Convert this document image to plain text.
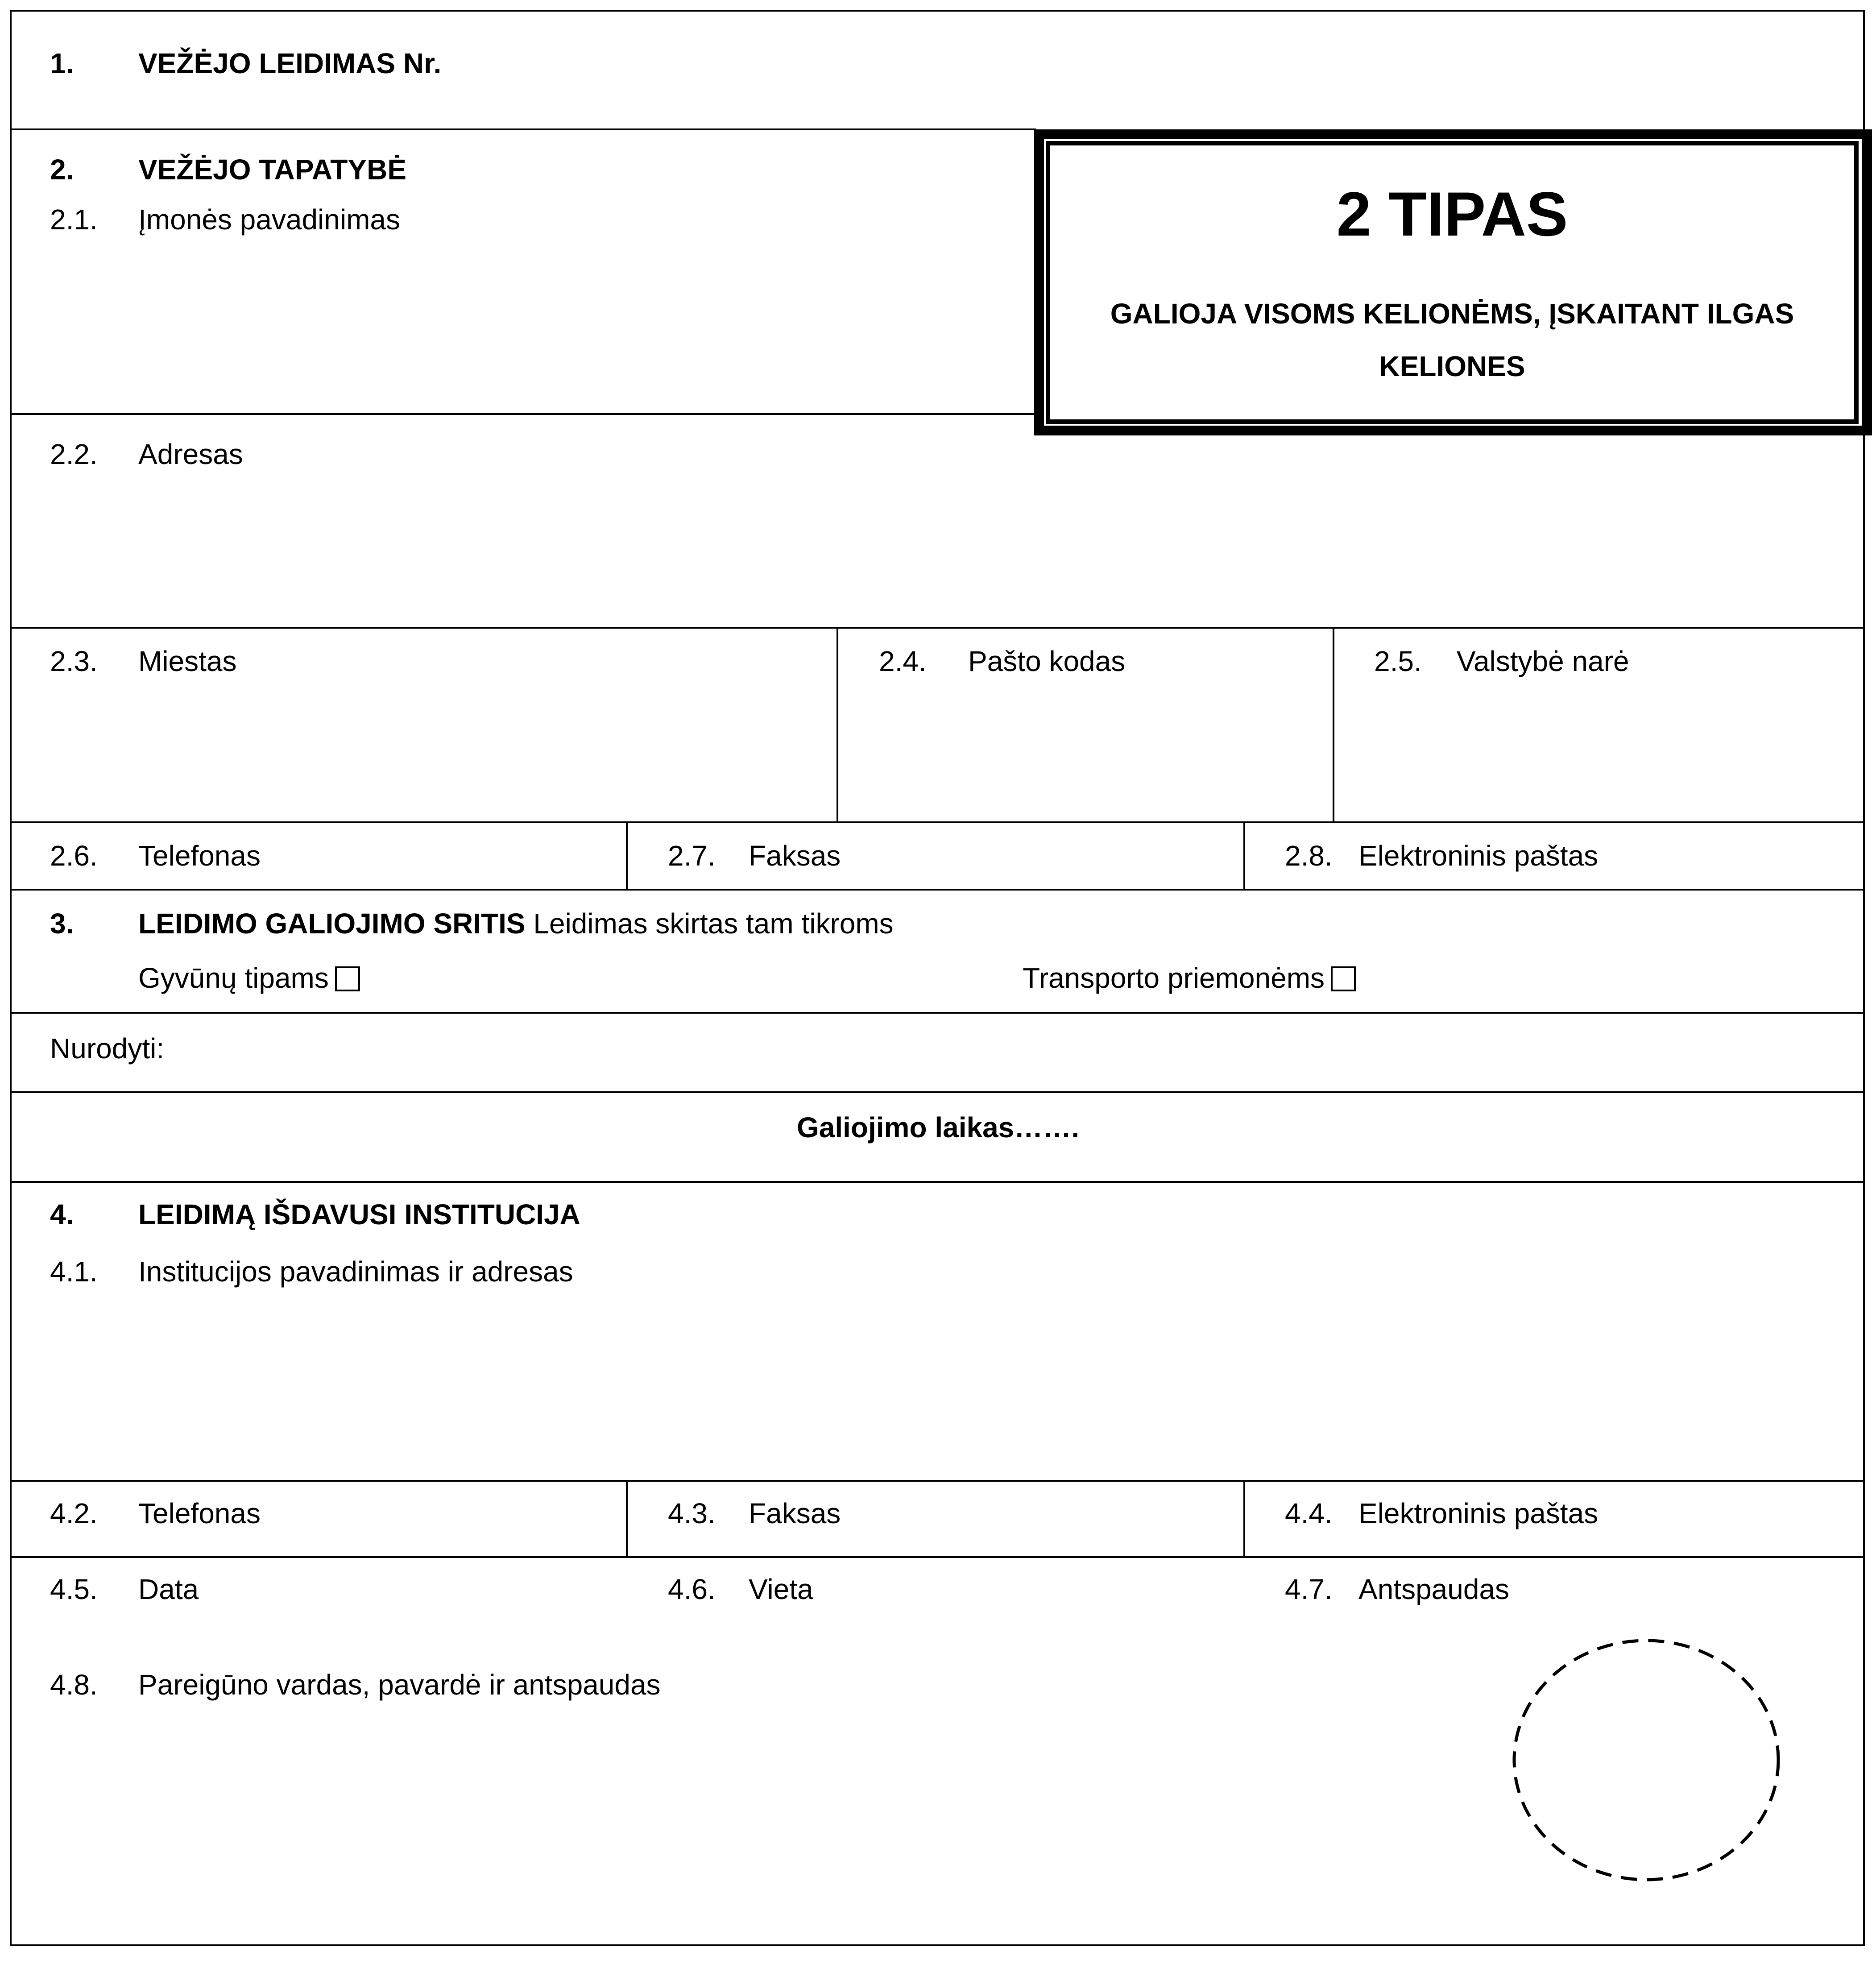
1. VEŽĖJO LEIDIMAS Nr.
2. VEŽĖJO TAPATYBĖ
2.1. Įmonės pavadinimas
2.2. Adresas
2.3. Miestas	2.4. Pašto kodas	2.5. Valstybė narė
2.6. Telefonas	2.7. Faksas	2.8. Elektroninis paštas
2 TIPAS
GALIOJA VISOMS KELIONĖMS, ĮSKAITANT ILGAS KELIONES
3. LEIDIMO GALIOJIMO SRITIS Leidimas skirtas tam tikroms
Gyvūnų tipams	Transporto priemonėms
Nurodyti:
Galiojimo laikas…….
4. LEIDIMĄ IŠDAVUSI INSTITUCIJA
4.1. Institucijos pavadinimas ir adresas
4.2. Telefonas	4.3. Faksas	4.4. Elektroninis paštas
4.5. Data	4.6. Vieta	4.7. Antspaudas
4.8. Pareigūno vardas, pavardė ir antspaudas
